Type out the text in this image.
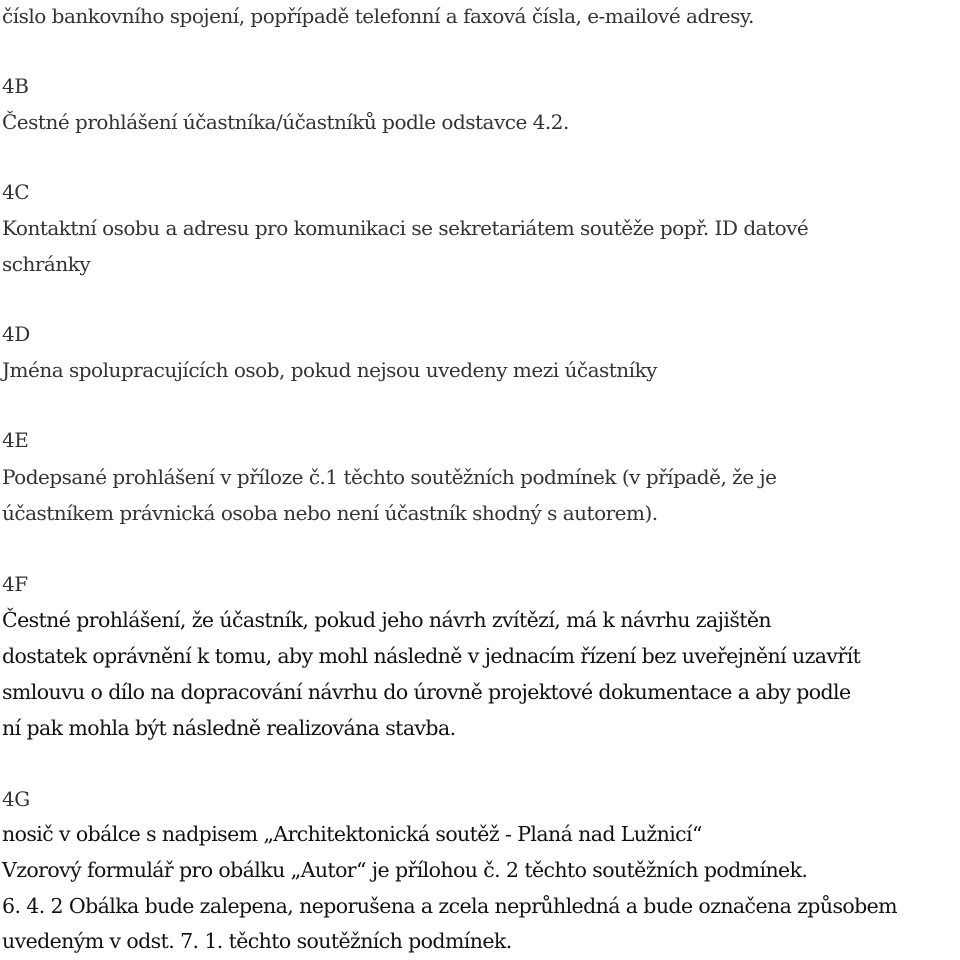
číslo bankovního spojení, popřípadě telefonní a faxová čísla, e-mailové adresy.
4B
Čestné prohlášení účastníka/účastníků podle odstavce 4.2.
4C
Kontaktní osobu a adresu pro komunikaci se sekretariátem soutěže popř. ID datové
schránky
4D
Jména spolupracujících osob, pokud nejsou uvedeny mezi účastníky
4E
Podepsané prohlášení v příloze č.1 těchto soutěžních podmínek (v případě, že je
účastníkem právnická osoba nebo není účastník shodný s autorem).
4F
Čestné prohlášení, že účastník, pokud jeho návrh zvítězí, má k návrhu zajištěn
dostatek oprávnění k tomu, aby mohl následně v jednacím řízení bez uveřejnění uzavřít
smlouvu o dílo na dopracování návrhu do úrovně projektové dokumentace a aby podle
ní pak mohla být následně realizována stavba.
4G
nosič v obálce s nadpisem „Architektonická soutěž - Planá nad Lužnicí“
Vzorový formulář pro obálku „Autor“ je přílohou č. 2 těchto soutěžních podmínek.
6. 4. 2 Obálka bude zalepena, neporušena a zcela neprůhledná a bude označena způsobem
uvedeným v odst. 7. 1. těchto soutěžních podmínek.
